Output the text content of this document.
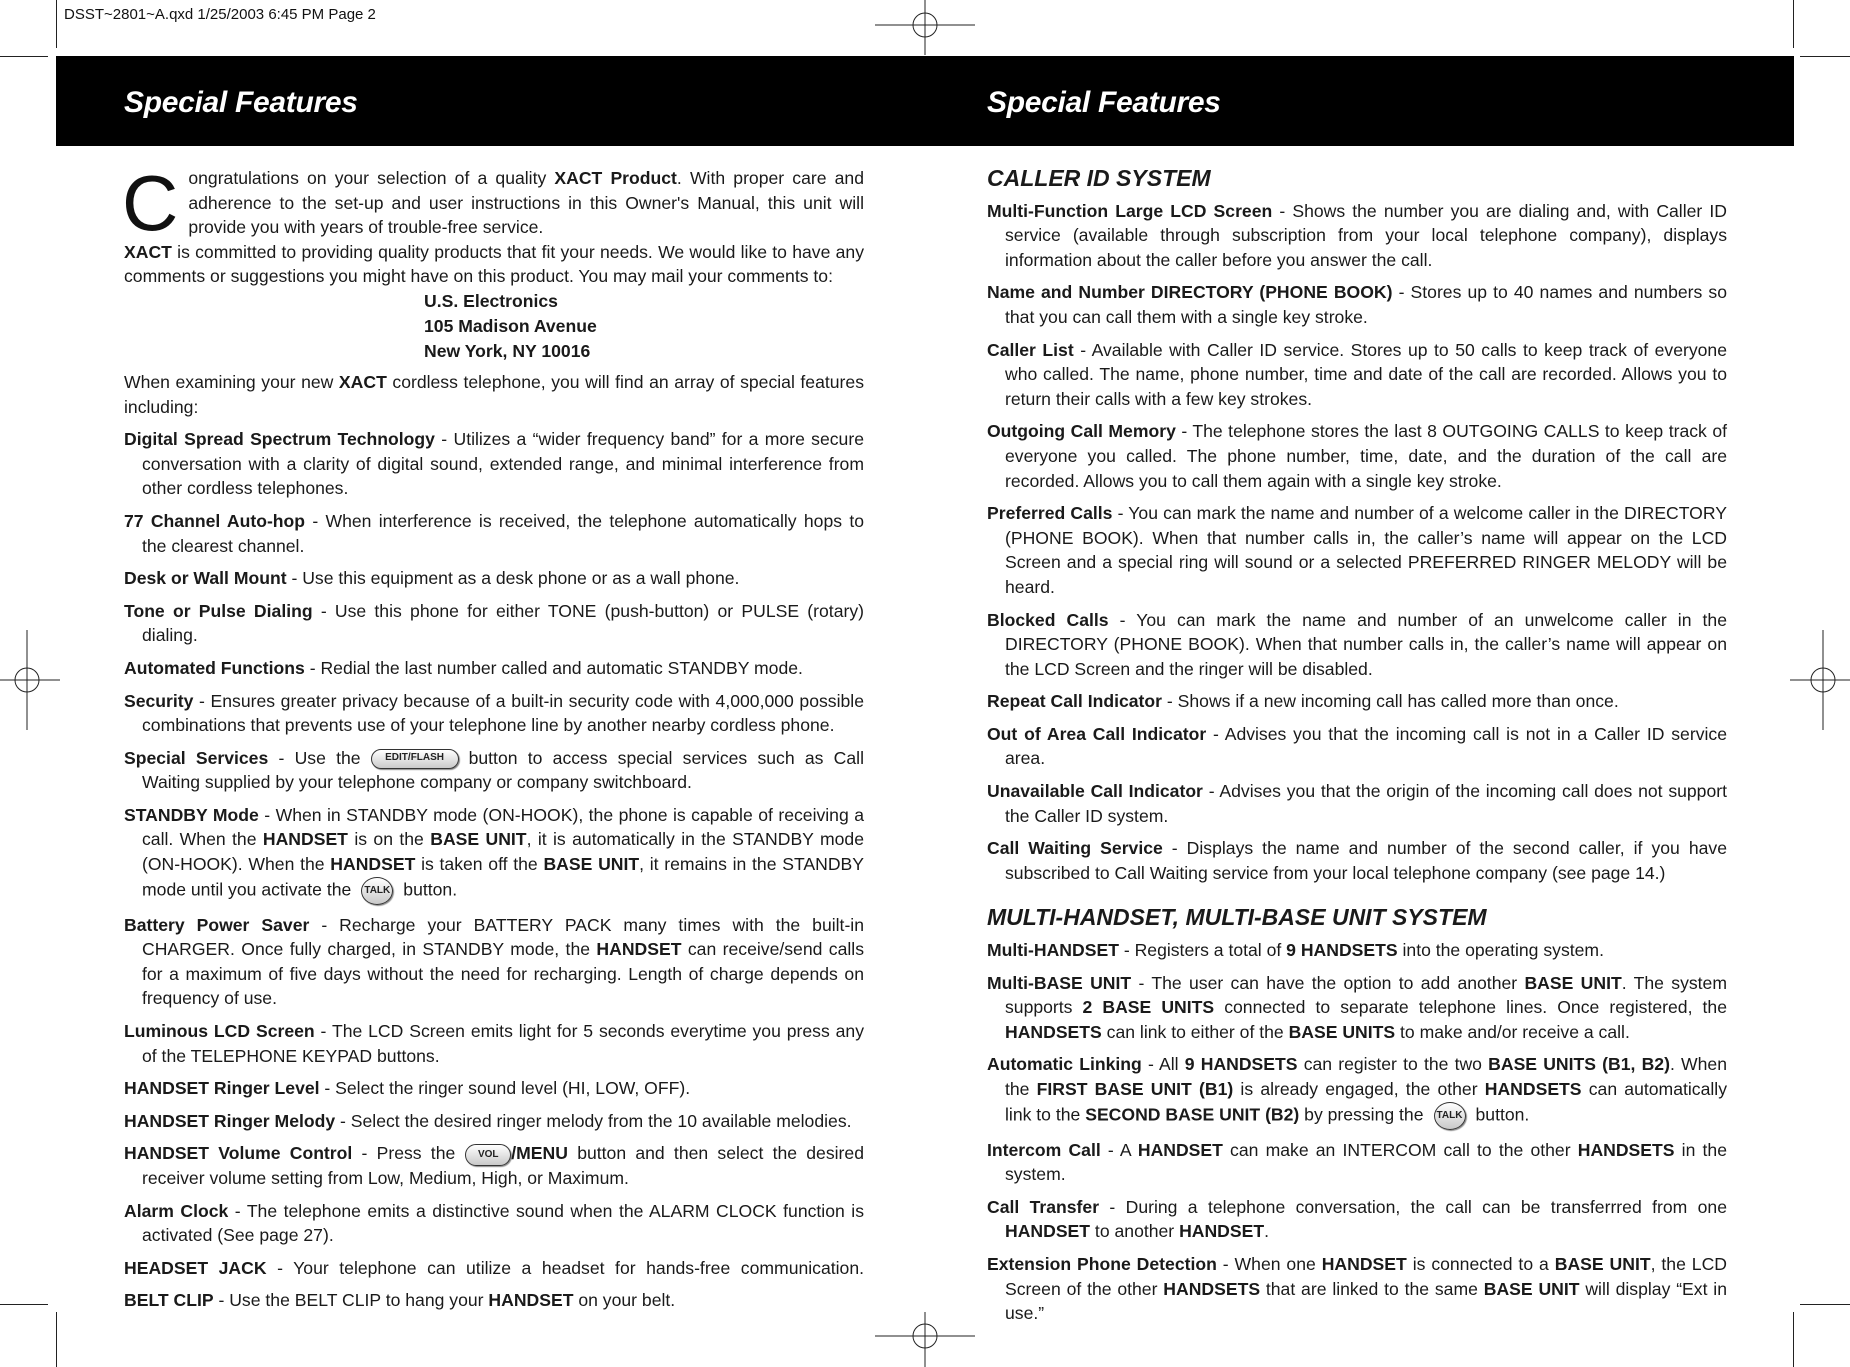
DSST~2801~A.qxd 1/25/2003 6:45 PM Page 2
Special Features	Special Features

Congratulations on your selection of a quality XACT Product. With proper care and adherence to the set-up and user instructions in this Owner's Manual, this unit will provide you with years of trouble-free service.

XACT is committed to providing quality products that fit your needs. We would like to have any comments or suggestions you might have on this product. You may mail your comments to:

U.S. Electronics
105 Madison Avenue
New York, NY 10016

When examining your new XACT cordless telephone, you will find an array of special features including:

Digital Spread Spectrum Technology - Utilizes a “wider frequency band” for a more secure conversation with a clarity of digital sound, extended range, and minimal interference from other cordless telephones.

77 Channel Auto-hop - When interference is received, the telephone automatically hops to the clearest channel.

Desk or Wall Mount - Use this equipment as a desk phone or as a wall phone.

Tone or Pulse Dialing - Use this phone for either TONE (push-button) or PULSE (rotary) dialing.

Automated Functions - Redial the last number called and automatic STANDBY mode.

Security - Ensures greater privacy because of a built-in security code with 4,000,000 possible combinations that prevents use of your telephone line by another nearby cordless phone.

Special Services - Use the EDIT/FLASH button to access special services such as Call Waiting supplied by your telephone company or company switchboard.

STANDBY Mode - When in STANDBY mode (ON-HOOK), the phone is capable of receiving a call. When the HANDSET is on the BASE UNIT, it is automatically in the STANDBY mode (ON-HOOK). When the HANDSET is taken off the BASE UNIT, it remains in the STANDBY mode until you activate the TALK button.

Battery Power Saver - Recharge your BATTERY PACK many times with the built-in CHARGER. Once fully charged, in STANDBY mode, the HANDSET can receive/send calls for a maximum of five days without the need for recharging. Length of charge depends on frequency of use.

Luminous LCD Screen - The LCD Screen emits light for 5 seconds everytime you press any of the TELEPHONE KEYPAD buttons.

HANDSET Ringer Level - Select the ringer sound level (HI, LOW, OFF).

HANDSET Ringer Melody - Select the desired ringer melody from the 10 available melodies.

HANDSET Volume Control - Press the VOL /MENU button and then select the desired receiver volume setting from Low, Medium, High, or Maximum.

Alarm Clock - The telephone emits a distinctive sound when the ALARM CLOCK function is activated (See page 27).

HEADSET JACK - Your telephone can utilize a headset for hands-free communication.

BELT CLIP - Use the BELT CLIP to hang your HANDSET on your belt.

CALLER ID SYSTEM

Multi-Function Large LCD Screen - Shows the number you are dialing and, with Caller ID service (available through subscription from your local telephone company), displays information about the caller before you answer the call.

Name and Number DIRECTORY (PHONE BOOK) - Stores up to 40 names and numbers so that you can call them with a single key stroke.

Caller List - Available with Caller ID service. Stores up to 50 calls to keep track of everyone who called. The name, phone number, time and date of the call are recorded. Allows you to return their calls with a few key strokes.

Outgoing Call Memory - The telephone stores the last 8 OUTGOING CALLS to keep track of everyone you called. The phone number, time, date, and the duration of the call are recorded. Allows you to call them again with a single key stroke.

Preferred Calls - You can mark the name and number of a welcome caller in the DIRECTORY (PHONE BOOK). When that number calls in, the caller’s name will appear on the LCD Screen and a special ring will sound or a selected PREFERRED RINGER MELODY will be heard.

Blocked Calls - You can mark the name and number of an unwelcome caller in the DIRECTORY (PHONE BOOK). When that number calls in, the caller’s name will appear on the LCD Screen and the ringer will be disabled.

Repeat Call Indicator - Shows if a new incoming call has called more than once.

Out of Area Call Indicator - Advises you that the incoming call is not in a Caller ID service area.

Unavailable Call Indicator - Advises you that the origin of the incoming call does not support the Caller ID system.

Call Waiting Service - Displays the name and number of the second caller, if you have subscribed to Call Waiting service from your local telephone company (see page 14.)

MULTI-HANDSET, MULTI-BASE UNIT SYSTEM

Multi-HANDSET - Registers a total of 9 HANDSETS into the operating system.

Multi-BASE UNIT - The user can have the option to add another BASE UNIT. The system supports 2 BASE UNITS connected to separate telephone lines. Once registered, the HANDSETS can link to either of the BASE UNITS to make and/or receive a call.

Automatic Linking - All 9 HANDSETS can register to the two BASE UNITS (B1, B2). When the FIRST BASE UNIT (B1) is already engaged, the other HANDSETS can automatically link to the SECOND BASE UNIT (B2) by pressing the TALK button.

Intercom Call - A HANDSET can make an INTERCOM call to the other HANDSETS in the system.

Call Transfer - During a telephone conversation, the call can be transferrred from one HANDSET to another HANDSET.

Extension Phone Detection - When one HANDSET is connected to a BASE UNIT, the LCD Screen of the other HANDSETS that are linked to the same BASE UNIT will display “Ext in use.”
